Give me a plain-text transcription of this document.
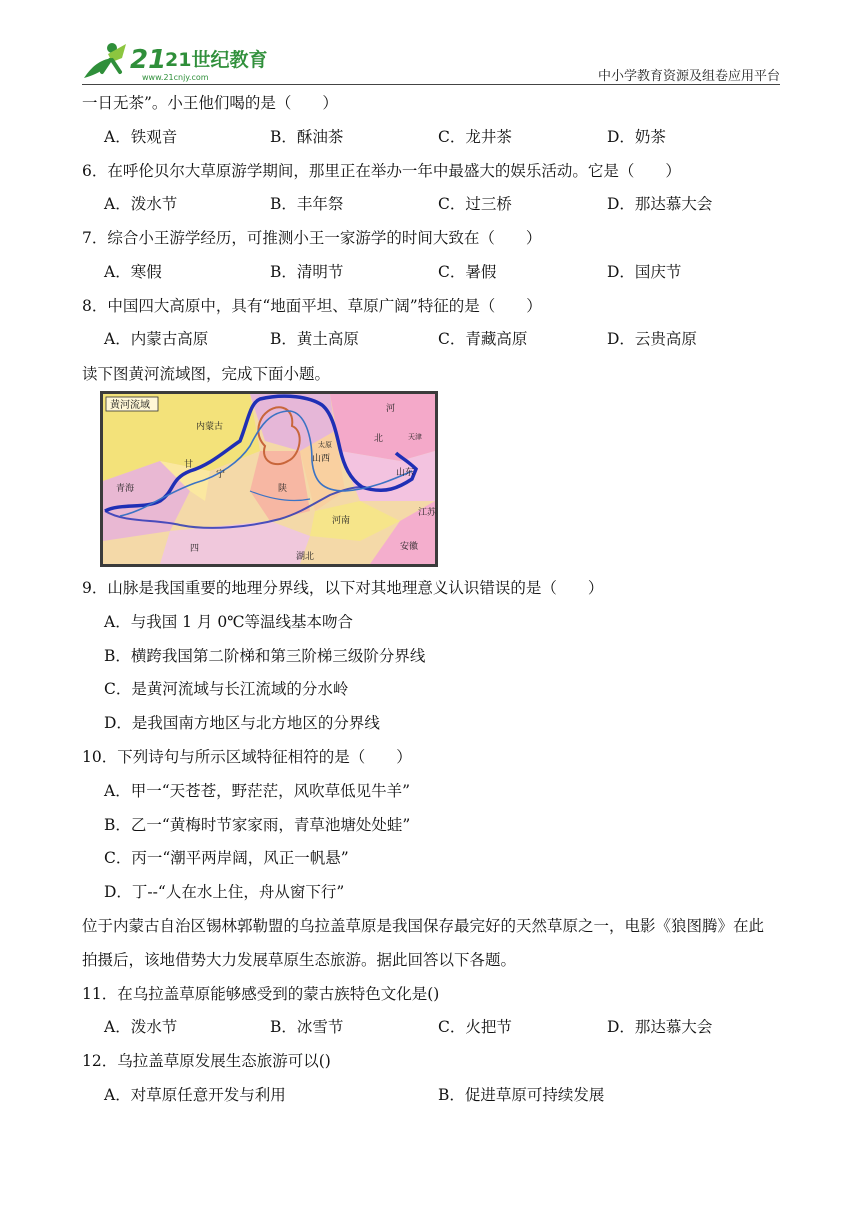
21
21世纪教育
www.21cnjy.com	中小学教育资源及组卷应用平台
一日无茶”。小王他们喝的是（　　）
A．铁观音	B．酥油茶	C．龙井茶	D．奶茶
6．在呼伦贝尔大草原游学期间，那里正在举办一年中最盛大的娱乐活动。它是（　　）
A．泼水节	B．丰年祭	C．过三桥	D．那达慕大会
7．综合小王游学经历，可推测小王一家游学的时间大致在（　　）
A．寒假	B．清明节	C．暑假	D．国庆节
8．中国四大高原中，具有“地面平坦、草原广阔”特征的是（　　）
A．内蒙古高原	B．黄土高原	C．青藏高原	D．云贵高原
读下图黄河流域图，完成下面小题。
黄河流域
内蒙古
甘
青海
宁
陕
山西
河
北
山东
河南
江苏
安徽
湖北
四
天津
太原
9．山脉是我国重要的地理分界线，以下对其地理意义认识错误的是（　　）
A．与我国 1 月 0℃等温线基本吻合
B．横跨我国第二阶梯和第三阶梯三级阶分界线
C．是黄河流域与长江流域的分水岭
D．是我国南方地区与北方地区的分界线
10．下列诗句与所示区域特征相符的是（　　）
A．甲一“天苍苍，野茫茫，风吹草低见牛羊”
B．乙一“黄梅时节家家雨，青草池塘处处蛙”
C．丙一“潮平两岸阔，风正一帆悬”
D．丁--“人在水上住，舟从窗下行”
位于内蒙古自治区锡林郭勒盟的乌拉盖草原是我国保存最完好的天然草原之一，电影《狼图腾》在此
拍摄后，该地借势大力发展草原生态旅游。据此回答以下各题。
11．在乌拉盖草原能够感受到的蒙古族特色文化是()
A．泼水节	B．冰雪节	C．火把节	D．那达慕大会
12．乌拉盖草原发展生态旅游可以()
A．对草原任意开发与利用	B．促进草原可持续发展
